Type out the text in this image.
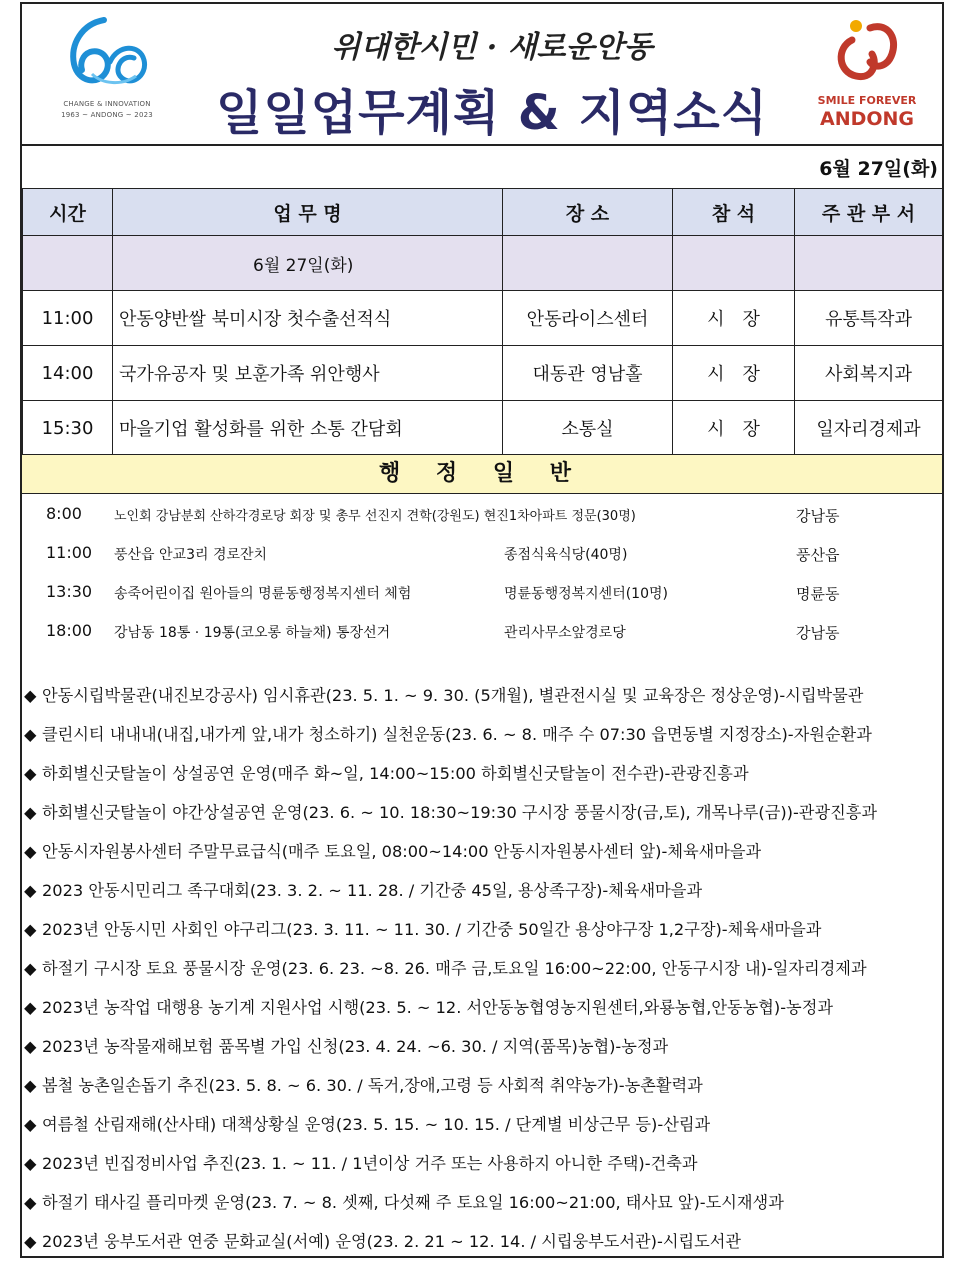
CHANGE & INNOVATION
1963 ~ ANDONG ~ 2023
위대한시민 · 새로운안동
일일업무계획 & 지역소식	SMILE FOREVER
ANDONG
6월 27일(화)
시간	업 무 명	장 소	참 석	주 관 부 서
	6월 27일(화)			
11:00	안동양반쌀 북미시장 첫수출선적식	안동라이스센터	시　장	유통특작과
14:00	국가유공자 및 보훈가족 위안행사	대동관 영남홀	시　장	사회복지과
15:30	마을기업 활성화를 위한 소통 간담회	소통실	시　장	일자리경제과
행 정 일 반
8:00 노인회 강남분회 산하각경로당 회장 및 총무 선진지 견학(강원도) 현진1차아파트 정문(30명)	강남동
11:00 풍산읍 안교3리 경로잔치	종점식육식당(40명)	풍산읍
13:30 송죽어린이집 원아들의 명륜동행정복지센터 체험	명륜동행정복지센터(10명)	명륜동
18:00 강남동 18통 · 19통(코오롱 하늘채) 통장선거	관리사무소앞경로당	강남동
◆ 안동시립박물관(내진보강공사) 임시휴관(23. 5. 1. ~ 9. 30. (5개월), 별관전시실 및 교육장은 정상운영)-시립박물관
◆ 클린시티 내내내(내집,내가게 앞,내가 청소하기) 실천운동(23. 6. ~ 8. 매주 수 07:30 읍면동별 지정장소)-자원순환과
◆ 하회별신굿탈놀이 상설공연 운영(매주 화~일, 14:00~15:00 하회별신굿탈놀이 전수관)-관광진흥과
◆ 하회별신굿탈놀이 야간상설공연 운영(23. 6. ~ 10. 18:30~19:30 구시장 풍물시장(금,토), 개목나루(금))-관광진흥과
◆ 안동시자원봉사센터 주말무료급식(매주 토요일, 08:00~14:00 안동시자원봉사센터 앞)-체육새마을과
◆ 2023 안동시민리그 족구대회(23. 3. 2. ~ 11. 28. / 기간중 45일, 용상족구장)-체육새마을과
◆ 2023년 안동시민 사회인 야구리그(23. 3. 11. ~ 11. 30. / 기간중 50일간 용상야구장 1,2구장)-체육새마을과
◆ 하절기 구시장 토요 풍물시장 운영(23. 6. 23. ~8. 26. 매주 금,토요일 16:00~22:00, 안동구시장 내)-일자리경제과
◆ 2023년 농작업 대행용 농기계 지원사업 시행(23. 5. ~ 12. 서안동농협영농지원센터,와룡농협,안동농협)-농정과
◆ 2023년 농작물재해보험 품목별 가입 신청(23. 4. 24. ~6. 30. / 지역(품목)농협)-농정과
◆ 봄철 농촌일손돕기 추진(23. 5. 8. ~ 6. 30. / 독거,장애,고령 등 사회적 취약농가)-농촌활력과
◆ 여름철 산림재해(산사태) 대책상황실 운영(23. 5. 15. ~ 10. 15. / 단계별 비상근무 등)-산림과
◆ 2023년 빈집정비사업 추진(23. 1. ~ 11. / 1년이상 거주 또는 사용하지 아니한 주택)-건축과
◆ 하절기 태사길 플리마켓 운영(23. 7. ~ 8. 셋째, 다섯째 주 토요일 16:00~21:00, 태사묘 앞)-도시재생과
◆ 2023년 웅부도서관 연중 문화교실(서예) 운영(23. 2. 21 ~ 12. 14. / 시립웅부도서관)-시립도서관
